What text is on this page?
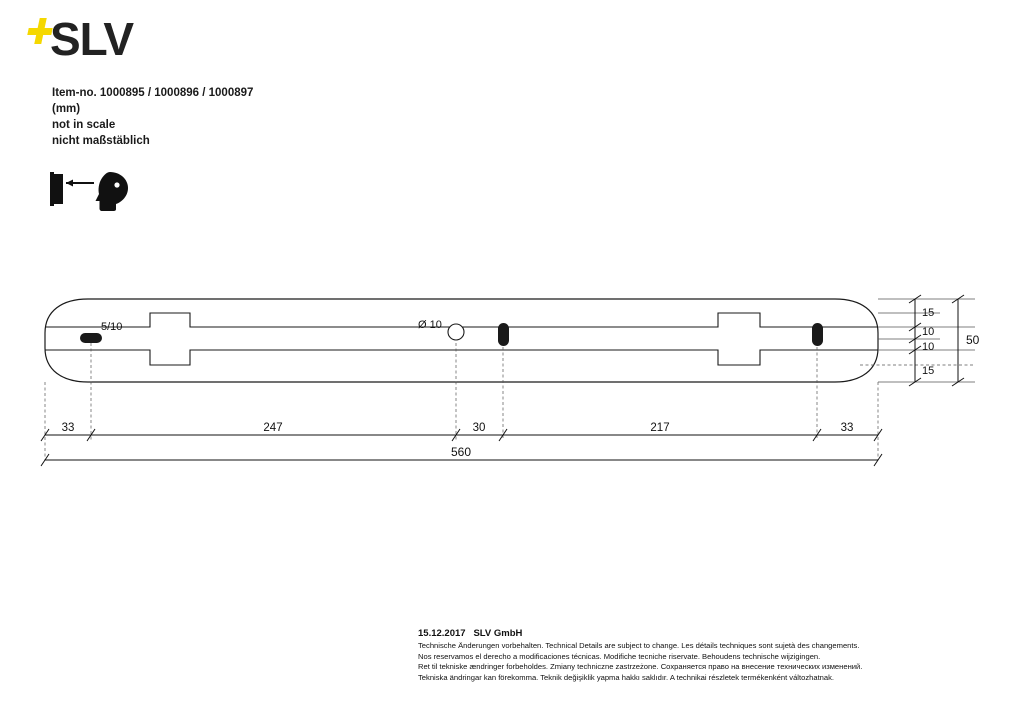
SLV
Item-no. 1000895 / 1000896 / 1000897
(mm)
not in scale
nicht maßstäblich
5/10	Ø 10
33	247	30	217	33
560
15
10
10
15
50
15.12.2017 SLV GmbH
Technische Änderungen vorbehalten. Technical Details are subject to change. Les détails techniques sont sujetà des changements.
Nos reservamos el derecho a modificaciones técnicas. Modifiche tecniche riservate. Behoudens technische wijzigingen.
Ret til tekniske ændringer forbeholdes. Zmiany techniczne zastrzeżone. Сохраняется право на внесение технических изменений.
Tekniska ändringar kan förekomma. Teknik değişiklik yapma hakkı saklıdır. A technikai részletek termékenként változhatnak.
